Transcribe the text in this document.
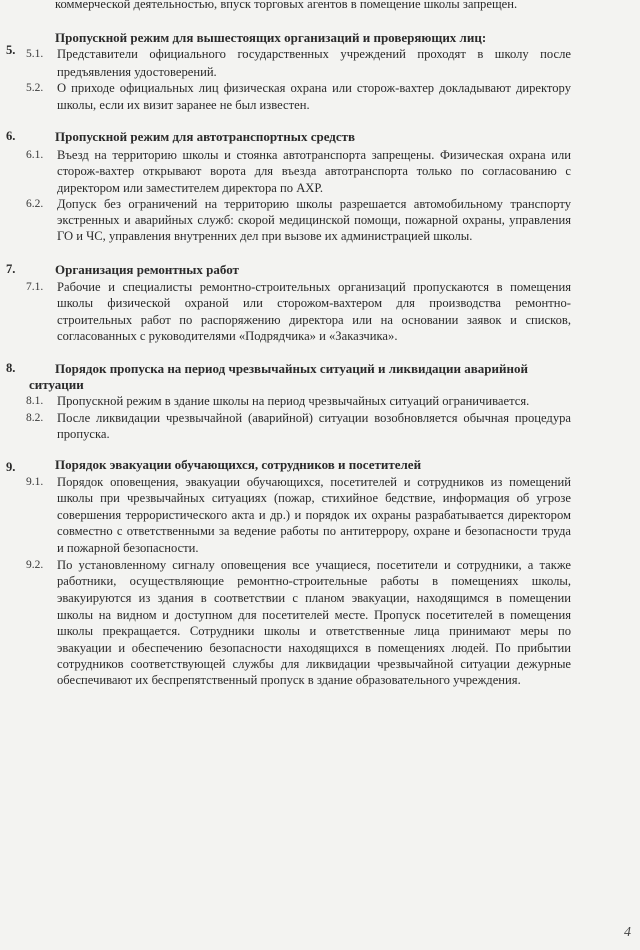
коммерческой деятельностью, впуск торговых агентов в помещение школы запрещен.
5.
Пропускной режим для вышестоящих организаций и проверяющих лиц:
5.1. Представители официального государственных учреждений проходят в школу после
предъявления удостоверений.
5.2. О приходе официальных лиц физическая охрана или сторож-вахтер докладывают директору
школы, если их визит заранее не был известен.
6.	Пропускной режим для автотранспортных средств
6.1. Въезд на территорию школы и стоянка автотранспорта запрещены. Физическая охрана или
сторож-вахтер открывают ворота для въезда автотранспорта только по согласованию с
директором или заместителем директора по АХР.
6.2. Допуск без ограничений на территорию школы разрешается автомобильному транспорту
экстренных и аварийных служб: скорой медицинской помощи, пожарной охраны, управления
ГО и ЧС, управления внутренних дел при вызове их администрацией школы.
7.	Организация ремонтных работ
7.1. Рабочие и специалисты ремонтно-строительных организаций пропускаются в помещения
школы физической охраной или сторожом-вахтером для производства ремонтно-
строительных работ по распоряжению директора или на основании заявок и списков,
согласованных с руководителями «Подрядчика» и «Заказчика».
8.	Порядок пропуска на период чрезвычайных ситуаций и ликвидации аварийной
ситуации
8.1. Пропускной режим в здание школы на период чрезвычайных ситуаций ограничивается.
8.2. После ликвидации чрезвычайной (аварийной) ситуации возобновляется обычная процедура
пропуска.
9.	Порядок эвакуации обучающихся, сотрудников и посетителей
9.1. Порядок оповещения, эвакуации обучающихся, посетителей и сотрудников из помещений
школы при чрезвычайных ситуациях (пожар, стихийное бедствие, информация об угрозе
совершения террористического акта и др.) и порядок их охраны разрабатывается директором
совместно с ответственными за ведение работы по антитеррору, охране и безопасности труда
и пожарной безопасности.
9.2. По установленному сигналу оповещения все учащиеся, посетители и сотрудники, а также
работники, осуществляющие ремонтно-строительные работы в помещениях школы,
эвакуируются из здания в соответствии с планом эвакуации, находящимся в помещении
школы на видном и доступном для посетителей месте. Пропуск посетителей в помещения
школы прекращается. Сотрудники школы и ответственные лица принимают меры по
эвакуации и обеспечению безопасности находящихся в помещениях людей. По прибытии
сотрудников соответствующей службы для ликвидации чрезвычайной ситуации дежурные
обеспечивают их беспрепятственный пропуск в здание образовательного учреждения.
4
